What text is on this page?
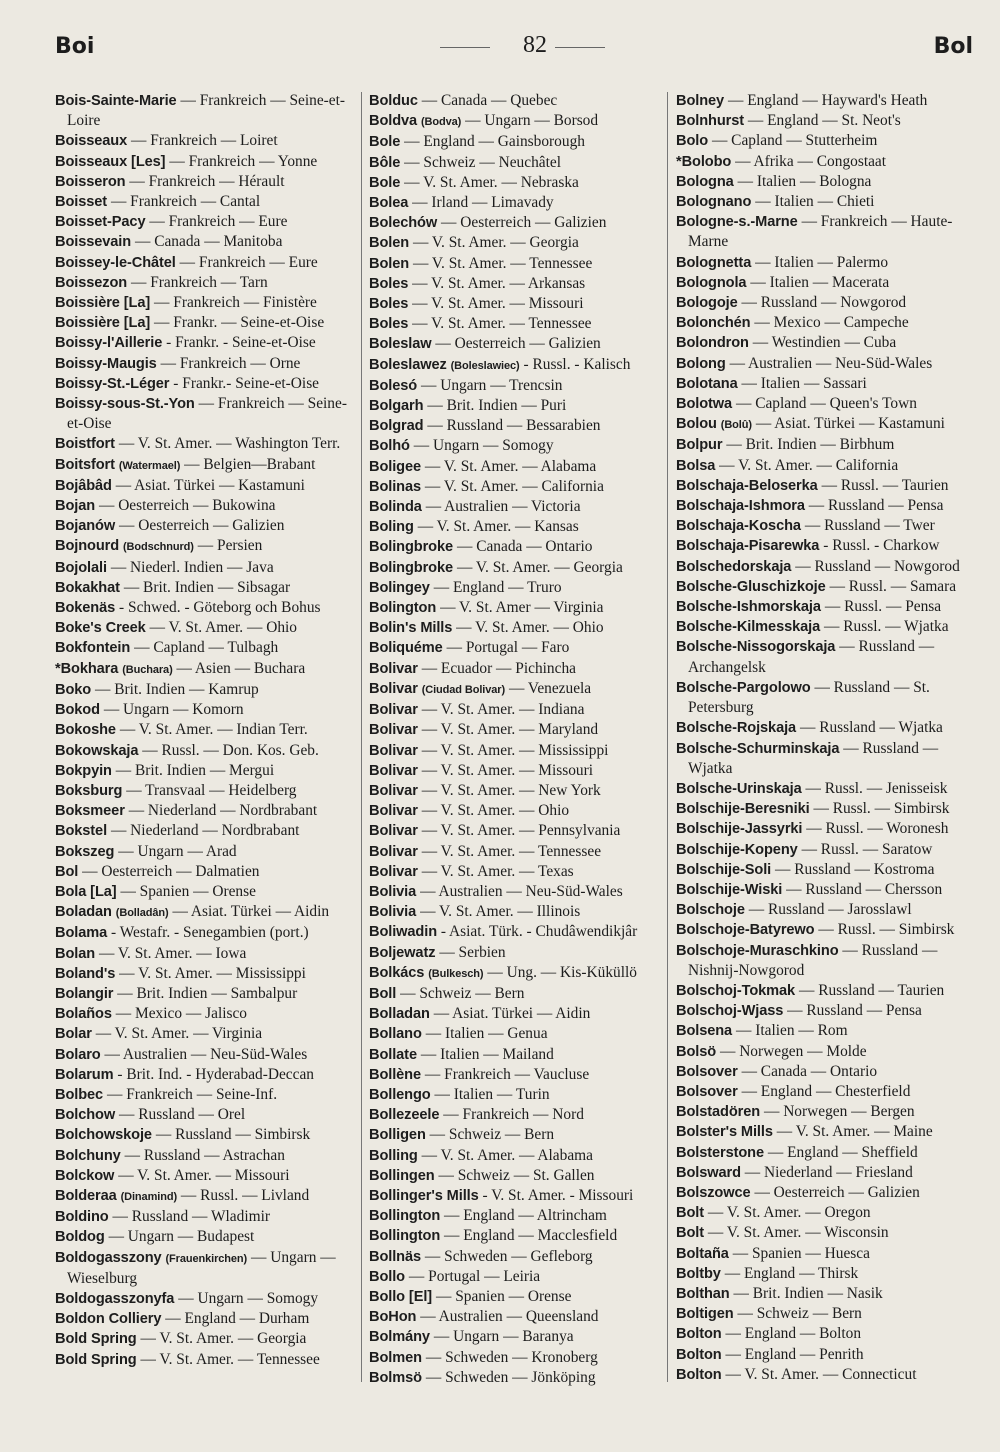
Boi	82	Bol
Bois-Sainte-Marie — Frankreich — Seine-et-Loire
Boisseaux — Frankreich — Loiret
Boisseaux [Les] — Frankreich — Yonne
Boisseron — Frankreich — Hérault
Boisset — Frankreich — Cantal
Boisset-Pacy — Frankreich — Eure
Boissevain — Canada — Manitoba
Boissey-le-Châtel — Frankreich — Eure
Boissezon — Frankreich — Tarn
Boissière [La] — Frankreich — Finistère
Boissière [La] — Frankr. — Seine-et-Oise
Boissy-l'Aillerie - Frankr. - Seine-et-Oise
Boissy-Maugis — Frankreich — Orne
Boissy-St.-Léger - Frankr.- Seine-et-Oise
Boissy-sous-St.-Yon — Frankreich — Seine-et-Oise
Boistfort — V. St. Amer. — Washington Terr.
Boitsfort (Watermael) — Belgien—Brabant
Bojâbâd — Asiat. Türkei — Kastamuni
Bojan — Oesterreich — Bukowina
Bojanów — Oesterreich — Galizien
Bojnourd (Bodschnurd) — Persien
Bojolali — Niederl. Indien — Java
Bokakhat — Brit. Indien — Sibsagar
Bokenäs - Schwed. - Göteborg och Bohus
Boke's Creek — V. St. Amer. — Ohio
Bokfontein — Capland — Tulbagh
*Bokhara (Buchara) — Asien — Buchara
Boko — Brit. Indien — Kamrup
Bokod — Ungarn — Komorn
Bokoshe — V. St. Amer. — Indian Terr.
Bokowskaja — Russl. — Don. Kos. Geb.
Bokpyin — Brit. Indien — Mergui
Boksburg — Transvaal — Heidelberg
Boksmeer — Niederland — Nordbrabant
Bokstel — Niederland — Nordbrabant
Bokszeg — Ungarn — Arad
Bol — Oesterreich — Dalmatien
Bola [La] — Spanien — Orense
Boladan (Bolladân) — Asiat. Türkei — Aidin
Bolama - Westafr. - Senegambien (port.)
Bolan — V. St. Amer. — Iowa
Boland's — V. St. Amer. — Mississippi
Bolangir — Brit. Indien — Sambalpur
Bolaños — Mexico — Jalisco
Bolar — V. St. Amer. — Virginia
Bolaro — Australien — Neu-Süd-Wales
Bolarum - Brit. Ind. - Hyderabad-Deccan
Bolbec — Frankreich — Seine-Inf.
Bolchow — Russland — Orel
Bolchowskoje — Russland — Simbirsk
Bolchuny — Russland — Astrachan
Bolckow — V. St. Amer. — Missouri
Bolderaa (Dinamind) — Russl. — Livland
Boldino — Russland — Wladimir
Boldog — Ungarn — Budapest
Boldogasszony (Frauenkirchen) — Ungarn — Wieselburg
Boldogasszonyfa — Ungarn — Somogy
Boldon Colliery — England — Durham
Bold Spring — V. St. Amer. — Georgia
Bold Spring — V. St. Amer. — Tennessee
Bolduc — Canada — Quebec
Boldva (Bodva) — Ungarn — Borsod
Bole — England — Gainsborough
Bôle — Schweiz — Neuchâtel
Bole — V. St. Amer. — Nebraska
Bolea — Irland — Limavady
Bolechów — Oesterreich — Galizien
Bolen — V. St. Amer. — Georgia
Bolen — V. St. Amer. — Tennessee
Boles — V. St. Amer. — Arkansas
Boles — V. St. Amer. — Missouri
Boles — V. St. Amer. — Tennessee
Boleslaw — Oesterreich — Galizien
Boleslawez (Boleslawiec) - Russl. - Kalisch
Bolesó — Ungarn — Trencsin
Bolgarh — Brit. Indien — Puri
Bolgrad — Russland — Bessarabien
Bolhó — Ungarn — Somogy
Boligee — V. St. Amer. — Alabama
Bolinas — V. St. Amer. — California
Bolinda — Australien — Victoria
Boling — V. St. Amer. — Kansas
Bolingbroke — Canada — Ontario
Bolingbroke — V. St. Amer. — Georgia
Bolingey — England — Truro
Bolington — V. St. Amer — Virginia
Bolin's Mills — V. St. Amer. — Ohio
Boliquéme — Portugal — Faro
Bolivar — Ecuador — Pichincha
Bolivar (Ciudad Bolivar) — Venezuela
Bolivar — V. St. Amer. — Indiana
Bolivar — V. St. Amer. — Maryland
Bolivar — V. St. Amer. — Mississippi
Bolivar — V. St. Amer. — Missouri
Bolivar — V. St. Amer. — New York
Bolivar — V. St. Amer. — Ohio
Bolivar — V. St. Amer. — Pennsylvania
Bolivar — V. St. Amer. — Tennessee
Bolivar — V. St. Amer. — Texas
Bolivia — Australien — Neu-Süd-Wales
Bolivia — V. St. Amer. — Illinois
Boliwadin - Asiat. Türk. - Chudâwendikjâr
Boljewatz — Serbien
Bolkács (Bulkesch) — Ung. — Kis-Küküllö
Boll — Schweiz — Bern
Bolladan — Asiat. Türkei — Aidin
Bollano — Italien — Genua
Bollate — Italien — Mailand
Bollène — Frankreich — Vaucluse
Bollengo — Italien — Turin
Bollezeele — Frankreich — Nord
Bolligen — Schweiz — Bern
Bolling — V. St. Amer. — Alabama
Bollingen — Schweiz — St. Gallen
Bollinger's Mills - V. St. Amer. - Missouri
Bollington — England — Altrincham
Bollington — England — Macclesfield
Bollnäs — Schweden — Gefleborg
Bollo — Portugal — Leiria
Bollo [El] — Spanien — Orense
BoHon — Australien — Queensland
Bolmány — Ungarn — Baranya
Bolmen — Schweden — Kronoberg
Bolmsö — Schweden — Jönköping
Bolney — England — Hayward's Heath
Bolnhurst — England — St. Neot's
Bolo — Capland — Stutterheim
*Bolobo — Afrika — Congostaat
Bologna — Italien — Bologna
Bolognano — Italien — Chieti
Bologne-s.-Marne — Frankreich — Haute-Marne
Bolognetta — Italien — Palermo
Bolognola — Italien — Macerata
Bologoje — Russland — Nowgorod
Bolonchén — Mexico — Campeche
Bolondron — Westindien — Cuba
Bolong — Australien — Neu-Süd-Wales
Bolotana — Italien — Sassari
Bolotwa — Capland — Queen's Town
Bolou (Bolû) — Asiat. Türkei — Kastamuni
Bolpur — Brit. Indien — Birbhum
Bolsa — V. St. Amer. — California
Bolschaja-Beloserka — Russl. — Taurien
Bolschaja-Ishmora — Russland — Pensa
Bolschaja-Koscha — Russland — Twer
Bolschaja-Pisarewka - Russl. - Charkow
Bolschedorskaja — Russland — Nowgorod
Bolsche-Gluschizkoje — Russl. — Samara
Bolsche-Ishmorskaja — Russl. — Pensa
Bolsche-Kilmesskaja — Russl. — Wjatka
Bolsche-Nissogorskaja — Russland — Archangelsk
Bolsche-Pargolowo — Russland — St. Petersburg
Bolsche-Rojskaja — Russland — Wjatka
Bolsche-Schurminskaja — Russland — Wjatka
Bolsche-Urinskaja — Russl. — Jenisseisk
Bolschije-Beresniki — Russl. — Simbirsk
Bolschije-Jassyrki — Russl. — Woronesh
Bolschije-Kopeny — Russl. — Saratow
Bolschije-Soli — Russland — Kostroma
Bolschije-Wiski — Russland — Chersson
Bolschoje — Russland — Jarosslawl
Bolschoje-Batyrewo — Russl. — Simbirsk
Bolschoje-Muraschkino — Russland — Nishnij-Nowgorod
Bolschoj-Tokmak — Russland — Taurien
Bolschoj-Wjass — Russland — Pensa
Bolsena — Italien — Rom
Bolsö — Norwegen — Molde
Bolsover — Canada — Ontario
Bolsover — England — Chesterfield
Bolstadören — Norwegen — Bergen
Bolster's Mills — V. St. Amer. — Maine
Bolsterstone — England — Sheffield
Bolsward — Niederland — Friesland
Bolszowce — Oesterreich — Galizien
Bolt — V. St. Amer. — Oregon
Bolt — V. St. Amer. — Wisconsin
Boltaña — Spanien — Huesca
Boltby — England — Thirsk
Bolthan — Brit. Indien — Nasik
Boltigen — Schweiz — Bern
Bolton — England — Bolton
Bolton — England — Penrith
Bolton — V. St. Amer. — Connecticut
